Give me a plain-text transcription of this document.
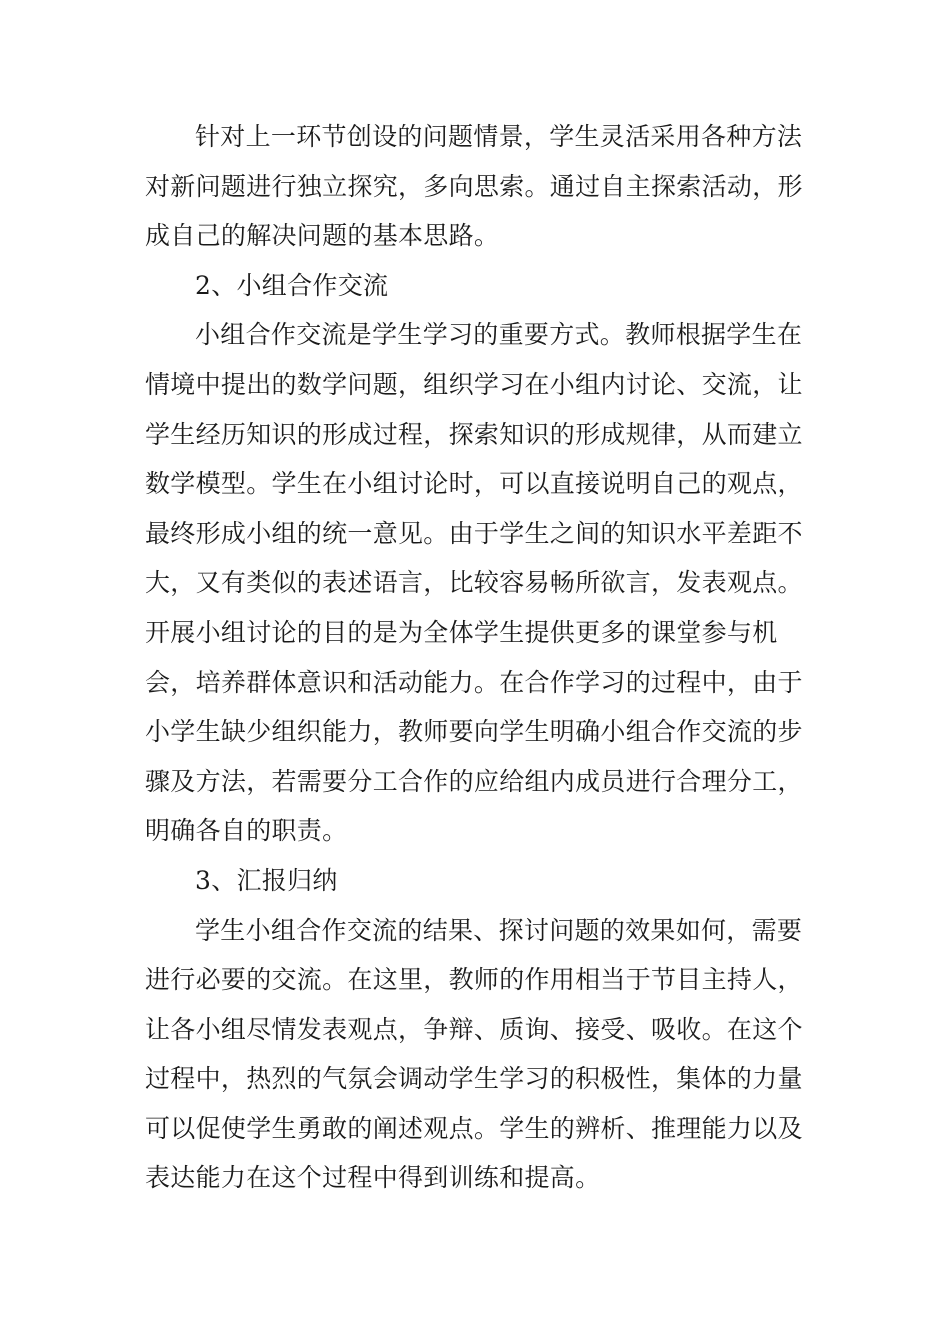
针对上一环节创设的问题情景，学生灵活采用各种方法
对新问题进行独立探究，多向思索。通过自主探索活动，形
成自己的解决问题的基本思路。
2、小组合作交流
小组合作交流是学生学习的重要方式。教师根据学生在
情境中提出的数学问题，组织学习在小组内讨论、交流，让
学生经历知识的形成过程，探索知识的形成规律，从而建立
数学模型。学生在小组讨论时，可以直接说明自己的观点，
最终形成小组的统一意见。由于学生之间的知识水平差距不
大，又有类似的表述语言，比较容易畅所欲言，发表观点。
开展小组讨论的目的是为全体学生提供更多的课堂参与机
会，培养群体意识和活动能力。在合作学习的过程中，由于
小学生缺少组织能力，教师要向学生明确小组合作交流的步
骤及方法，若需要分工合作的应给组内成员进行合理分工，
明确各自的职责。
3、汇报归纳
学生小组合作交流的结果、探讨问题的效果如何，需要
进行必要的交流。在这里，教师的作用相当于节目主持人，
让各小组尽情发表观点，争辩、质询、接受、吸收。在这个
过程中，热烈的气氛会调动学生学习的积极性，集体的力量
可以促使学生勇敢的阐述观点。学生的辨析、推理能力以及
表达能力在这个过程中得到训练和提高。
